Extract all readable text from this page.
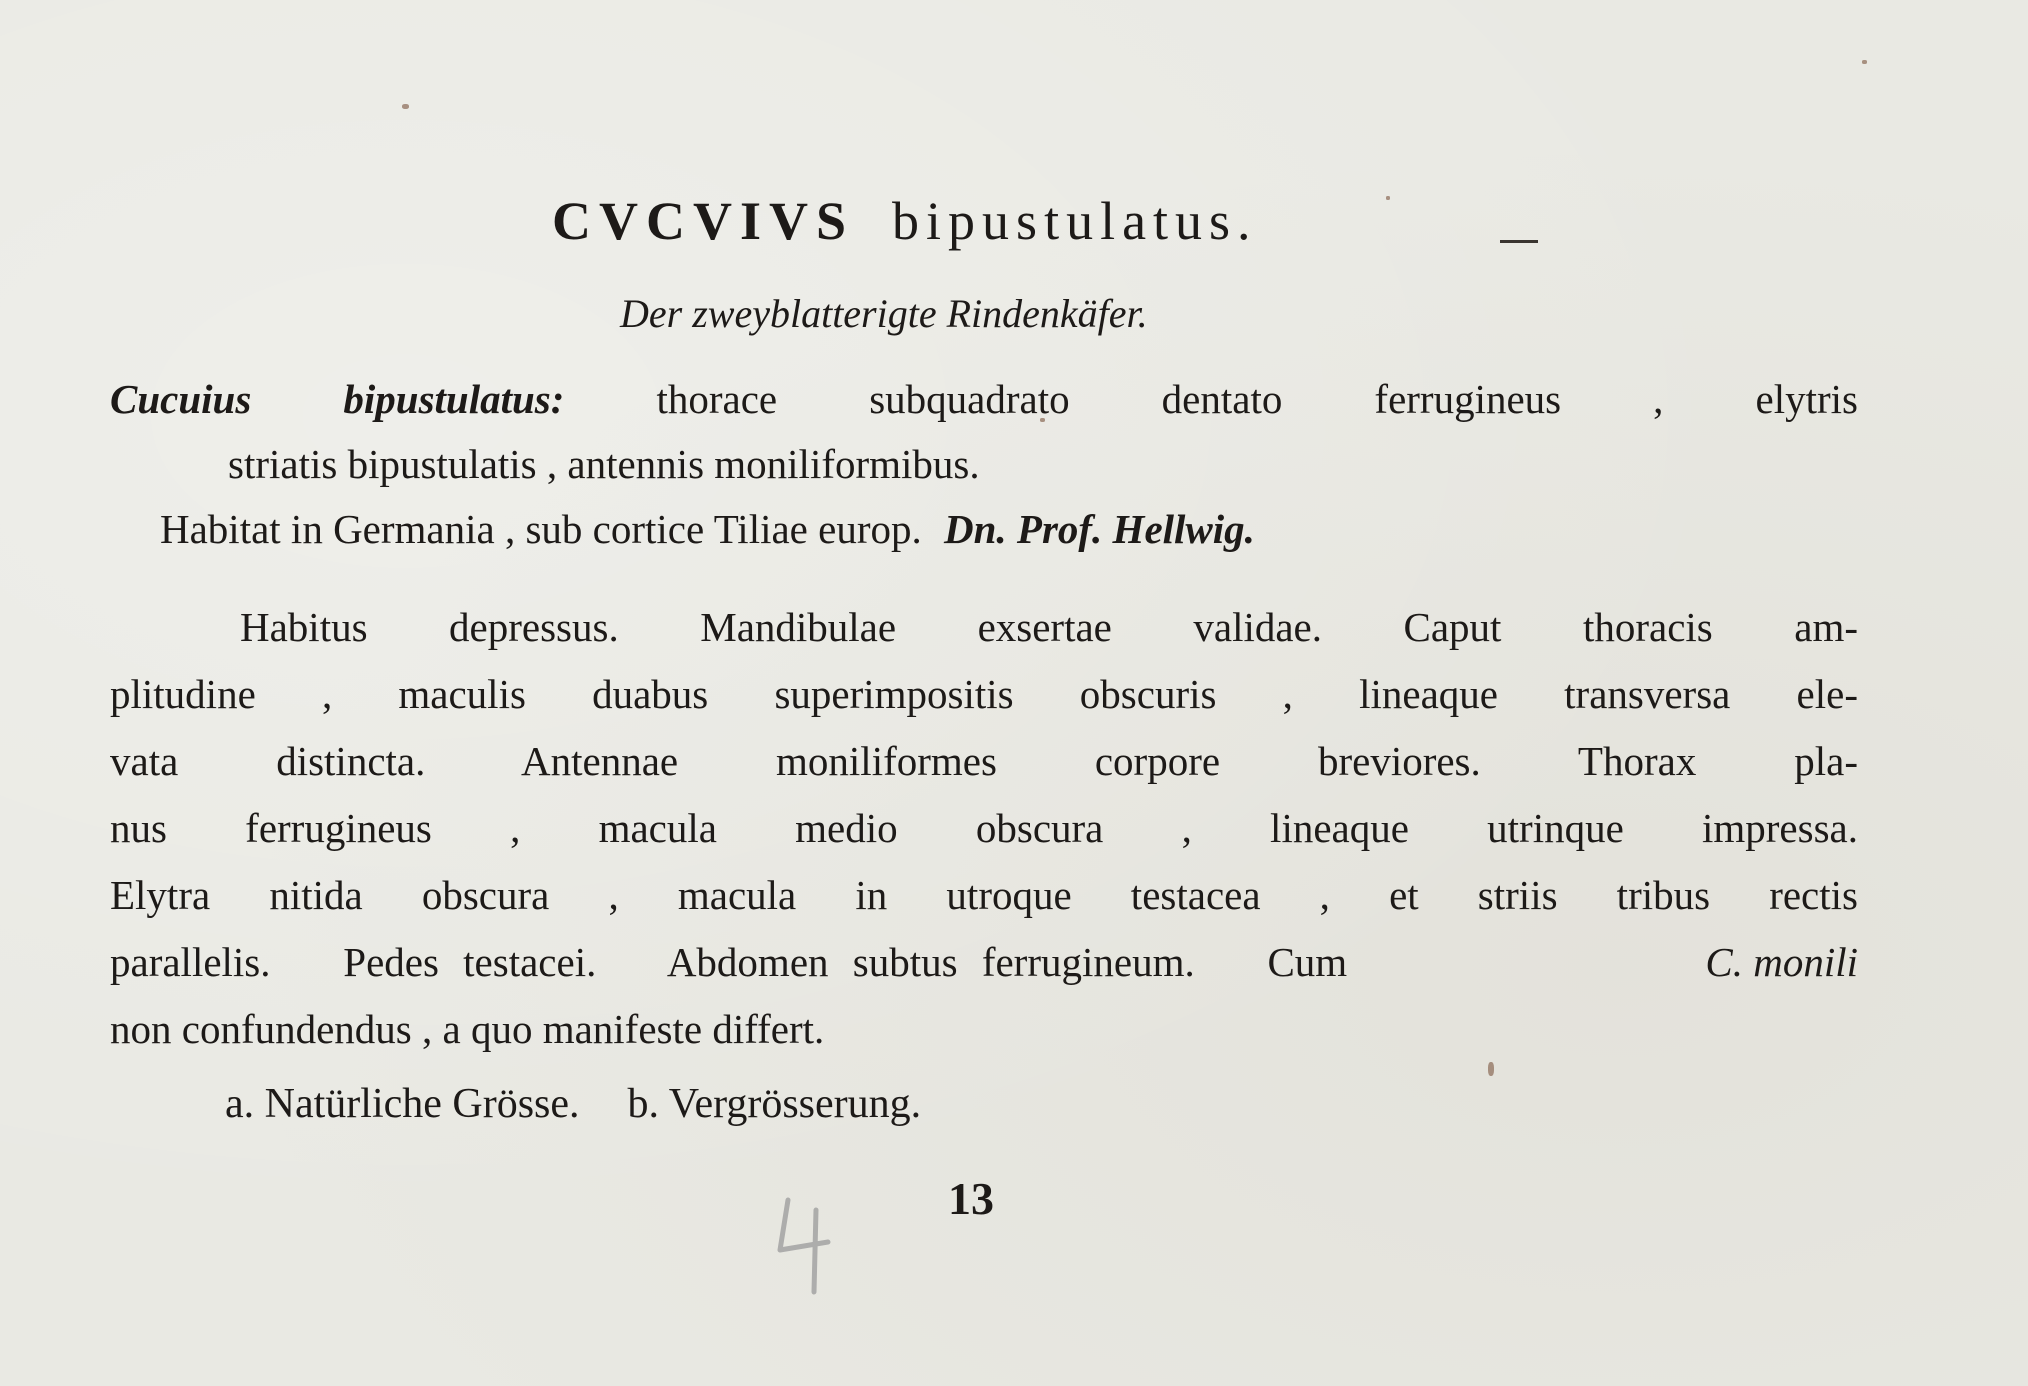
CVCVIVS bipustulatus.
Der zweyblatterigte Rindenkäfer.
Cucuius bipustulatus: thorace subquadrato dentato ferrugineus , elytris
striatis bipustulatis , antennis moniliformibus.
Habitat in Germania , sub cortice Tiliae europ. Dn. Prof. Hellwig.
Habitus depressus. Mandibulae exsertae validae. Caput thoracis am-
plitudine , maculis duabus superimpositis obscuris , lineaque transversa ele-
vata distincta. Antennae moniliformes corpore breviores. Thorax pla-
nus ferrugineus , macula medio obscura , lineaque utrinque impressa.
Elytra nitida obscura , macula in utroque testacea , et striis tribus rectis
parallelis.   Pedes testacei.   Abdomen subtus ferrugineum.   Cum	C. monili
non confundendus , a quo manifeste differt.
a. Natürliche Grösse. b. Vergrösserung.
4	13
